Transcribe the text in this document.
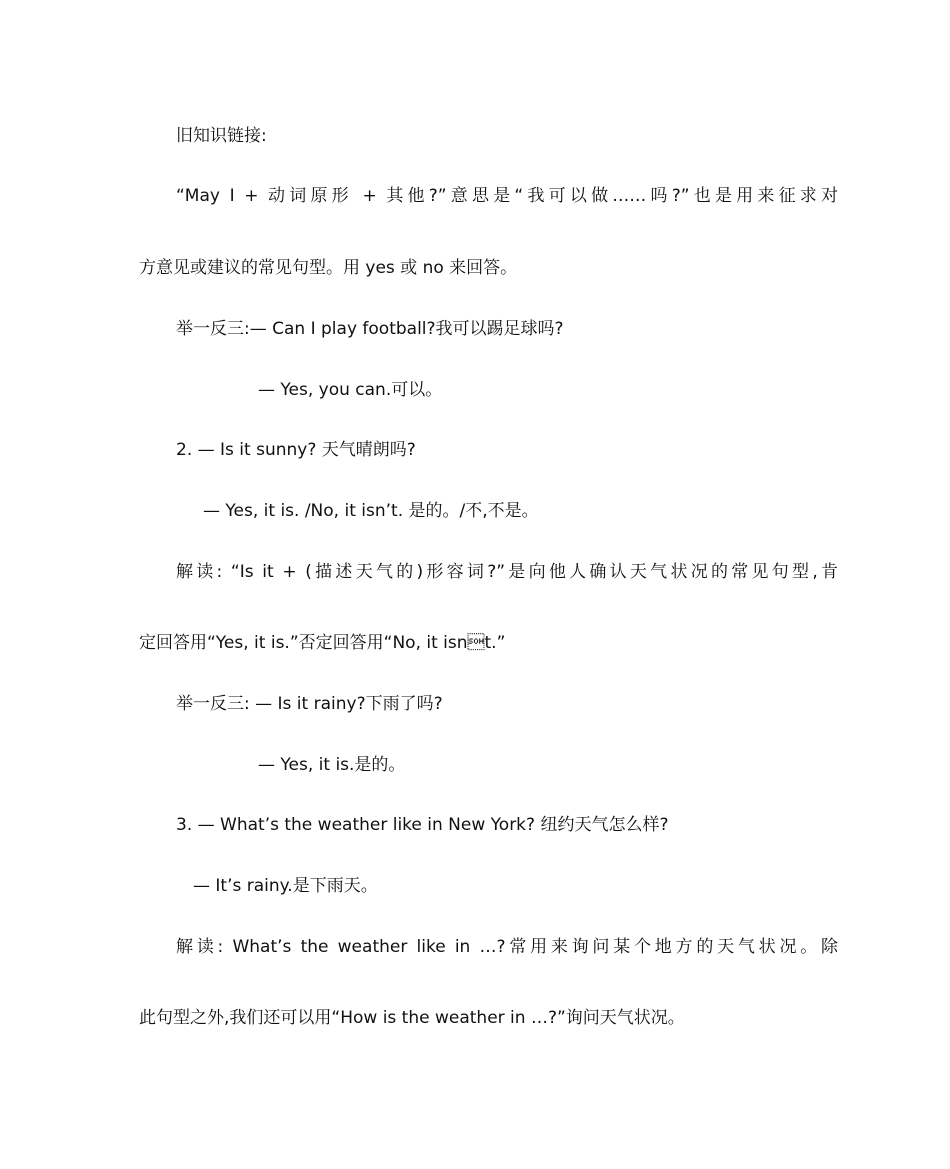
旧知识链接:
“May I + 动词原形 + 其他?”意思是“我可以做……吗?”也是用来征求对
方意见或建议的常见句型。用 yes 或 no 来回答。
举一反三:— Can I play football?我可以踢足球吗?
— Yes, you can.可以。
2. — Is it sunny? 天气晴朗吗?
— Yes, it is. /No, it isn’t. 是的。/不,不是。
解读: “Is it + (描述天气的)形容词?”是向他人确认天气状况的常见句型,肯
定回答用“Yes, it is.”否定回答用“No, it isnt.”
举一反三: — Is it rainy?下雨了吗?
— Yes, it is.是的。
3. — What’s the weather like in New York? 纽约天气怎么样?
— It’s rainy.是下雨天。
解读: What’s the weather like in …?常用来询问某个地方的天气状况。除
此句型之外,我们还可以用“How is the weather in …?”询问天气状况。
